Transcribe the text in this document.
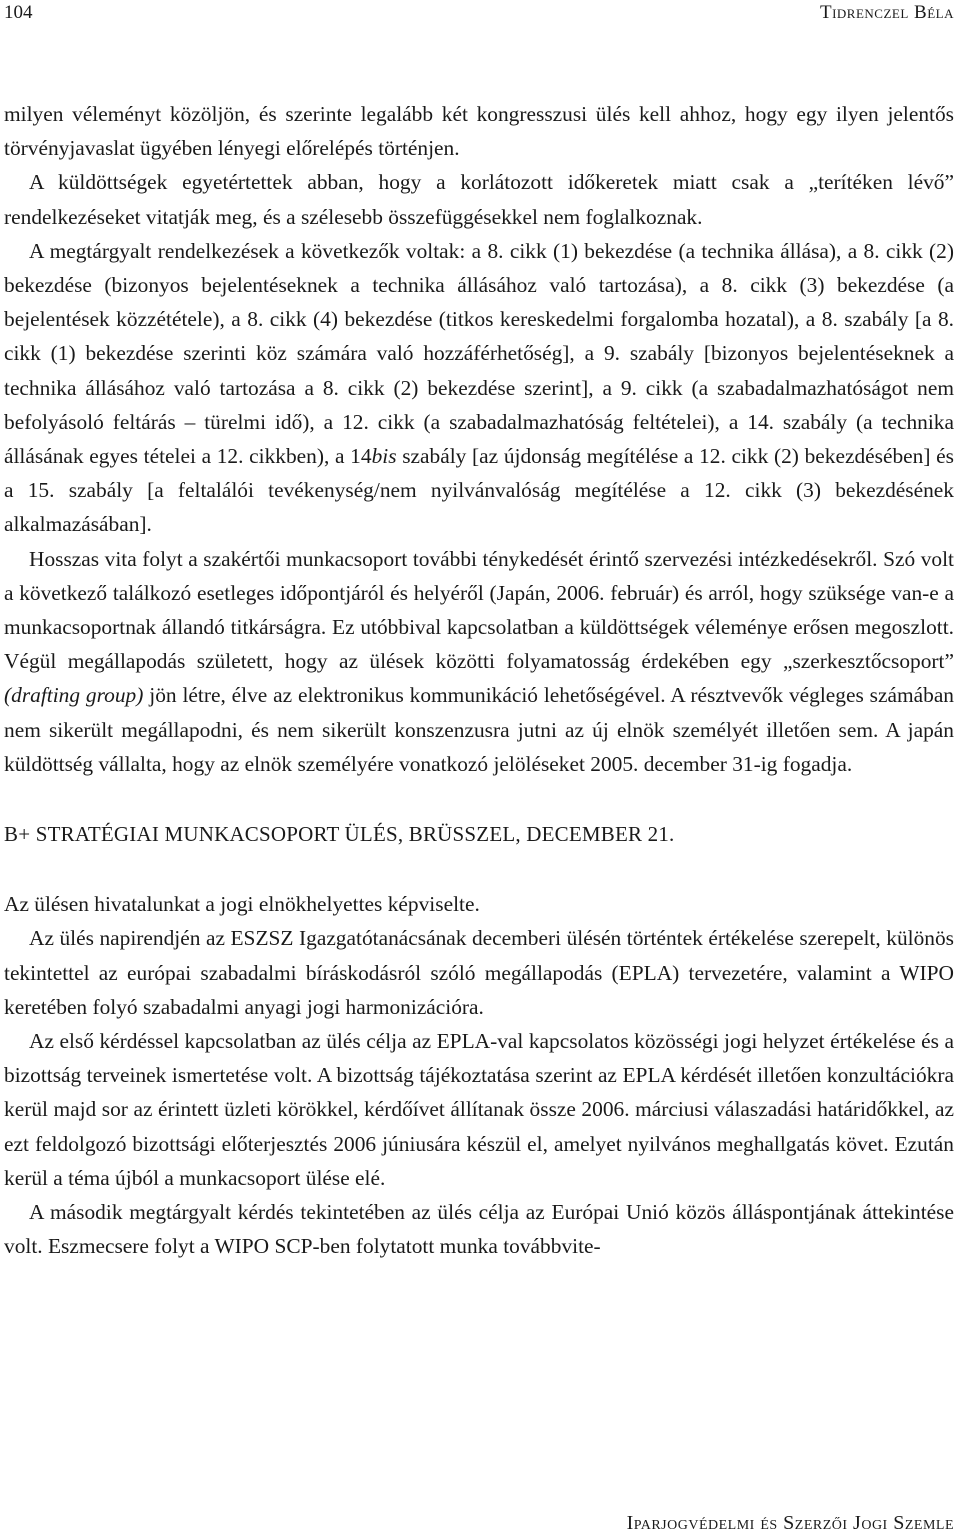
104	Tidrenczel Béla

milyen véleményt közöljön, és szerinte legalább két kongresszusi ülés kell ahhoz, hogy egy ilyen jelentős törvényjavaslat ügyében lényegi előrelépés történjen.

A küldöttségek egyetértettek abban, hogy a korlátozott időkeretek miatt csak a „terítéken lévő” rendelkezéseket vitatják meg, és a szélesebb összefüggésekkel nem foglalkoznak.

A megtárgyalt rendelkezések a következők voltak: a 8. cikk (1) bekezdése (a technika állása), a 8. cikk (2) bekezdése (bizonyos bejelentéseknek a technika állásához való tartozása), a 8. cikk (3) bekezdése (a bejelentések közzététele), a 8. cikk (4) bekezdése (titkos kereskedelmi forgalomba hozatal), a 8. szabály [a 8. cikk (1) bekezdése szerinti köz számára való hozzáférhetőség], a 9. szabály [bizonyos bejelentéseknek a technika állásához való tartozása a 8. cikk (2) bekezdése szerint], a 9. cikk (a szabadalmazhatóságot nem befolyásoló feltárás – türelmi idő), a 12. cikk (a szabadalmazhatóság feltételei), a 14. szabály (a technika állásának egyes tételei a 12. cikkben), a 14bis szabály [az újdonság megítélése a 12. cikk (2) bekezdésében] és a 15. szabály [a feltalálói tevékenység/nem nyilvánvalóság megítélése a 12. cikk (3) bekezdésének alkalmazásában].

Hosszas vita folyt a szakértői munkacsoport további ténykedését érintő szervezési intézkedésekről. Szó volt a következő találkozó esetleges időpontjáról és helyéről (Japán, 2006. február) és arról, hogy szüksége van-e a munkacsoportnak állandó titkárságra. Ez utóbbival kapcsolatban a küldöttségek véleménye erősen megoszlott. Végül megállapodás született, hogy az ülések közötti folyamatosság érdekében egy „szerkesztőcsoport” (drafting group) jön létre, élve az elektronikus kommunikáció lehetőségével. A résztvevők végleges számában nem sikerült megállapodni, és nem sikerült konszenzusra jutni az új elnök személyét illetően sem. A japán küldöttség vállalta, hogy az elnök személyére vonatkozó jelöléseket 2005. december 31-ig fogadja.

B+ STRATÉGIAI MUNKACSOPORT ÜLÉS, BRÜSSZEL, DECEMBER 21.

Az ülésen hivatalunkat a jogi elnökhelyettes képviselte.

Az ülés napirendjén az ESZSZ Igazgatótanácsának decemberi ülésén történtek értékelése szerepelt, különös tekintettel az európai szabadalmi bíráskodásról szóló megállapodás (EPLA) tervezetére, valamint a WIPO keretében folyó szabadalmi anyagi jogi harmonizációra.

Az első kérdéssel kapcsolatban az ülés célja az EPLA-val kapcsolatos közösségi jogi helyzet értékelése és a bizottság terveinek ismertetése volt. A bizottság tájékoztatása szerint az EPLA kérdését illetően konzultációkra kerül majd sor az érintett üzleti körökkel, kérdőívet állítanak össze 2006. márciusi válaszadási határidőkkel, az ezt feldolgozó bizottsági előterjesztés 2006 júniusára készül el, amelyet nyilvános meghallgatás követ. Ezután kerül a téma újból a munkacsoport ülése elé.

A második megtárgyalt kérdés tekintetében az ülés célja az Európai Unió közös álláspontjának áttekintése volt. Eszmecsere folyt a WIPO SCP-ben folytatott munka továbbvite-

Iparjogvédelmi és Szerzői Jogi Szemle
